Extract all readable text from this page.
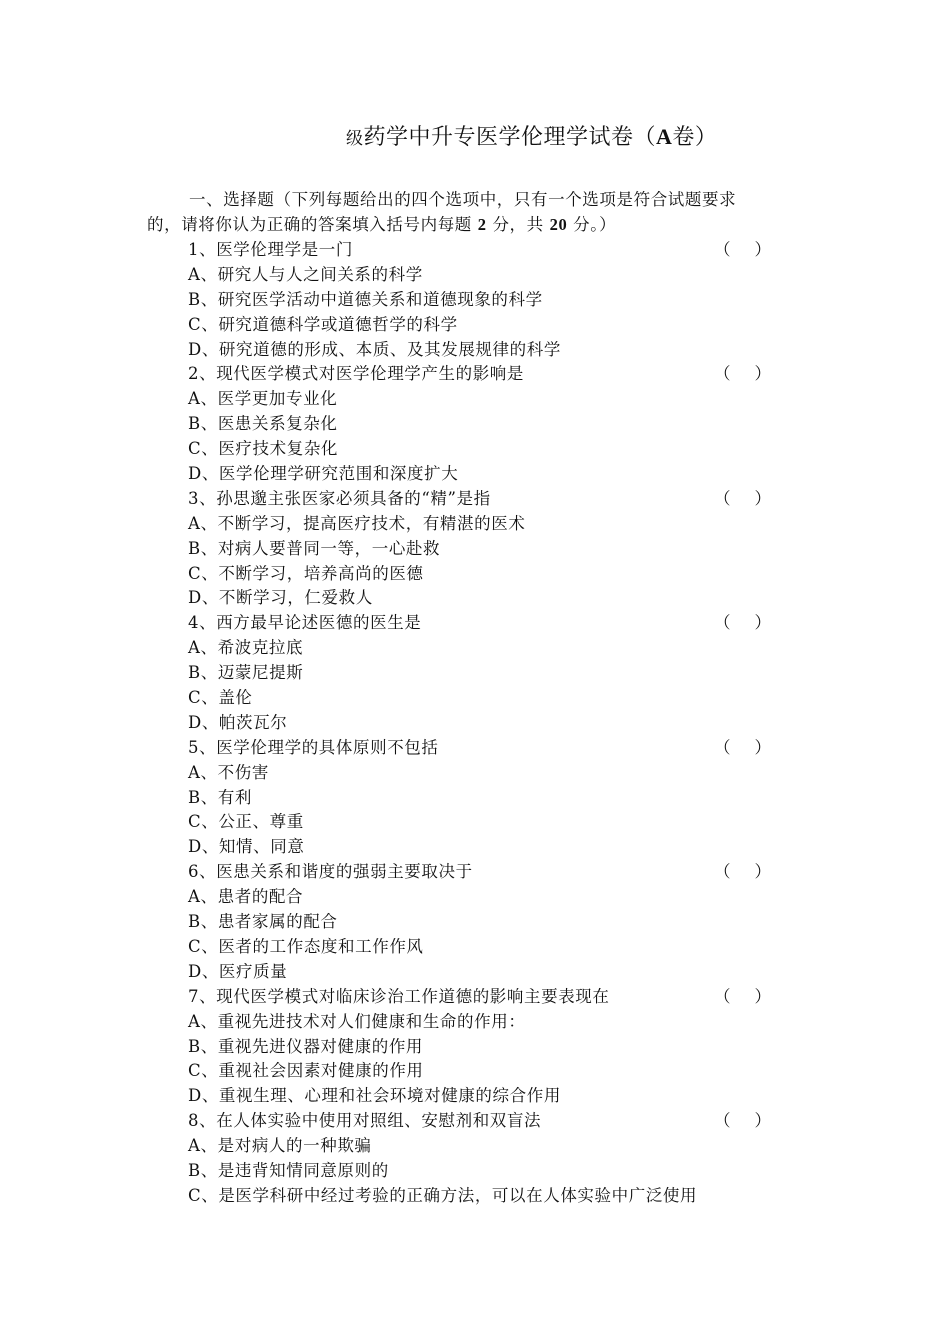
级药学中升专医学伦理学试卷（A卷）

一、选择题（下列每题给出的四个选项中，只有一个选项是符合试题要求

的，请将你认为正确的答案填入括号内每题 2 分，共 20 分。）

1、医学伦理学是一门	（    ）
A、研究人与人之间关系的科学
B、研究医学活动中道德关系和道德现象的科学
C、研究道德科学或道德哲学的科学
D、研究道德的形成、本质、及其发展规律的科学
2、现代医学模式对医学伦理学产生的影响是	（    ）
A、医学更加专业化
B、医患关系复杂化
C、医疗技术复杂化
D、医学伦理学研究范围和深度扩大
3、孙思邈主张医家必须具备的“精”是指	（    ）
A、不断学习，提高医疗技术，有精湛的医术
B、对病人要普同一等，一心赴救
C、不断学习，培养高尚的医德
D、不断学习，仁爱救人
4、西方最早论述医德的医生是	（    ）
A、希波克拉底
B、迈蒙尼提斯
C、盖伦
D、帕茨瓦尔
5、医学伦理学的具体原则不包括	（    ）
A、不伤害
B、有利
C、公正、尊重
D、知情、同意
6、医患关系和谐度的强弱主要取决于	（    ）
A、患者的配合
B、患者家属的配合
C、医者的工作态度和工作作风
D、医疗质量
7、现代医学模式对临床诊治工作道德的影响主要表现在	（    ）
A、重视先进技术对人们健康和生命的作用：
B、重视先进仪器对健康的作用
C、重视社会因素对健康的作用
D、重视生理、心理和社会环境对健康的综合作用
8、在人体实验中使用对照组、安慰剂和双盲法	（    ）
A、是对病人的一种欺骗
B、是违背知情同意原则的
C、是医学科研中经过考验的正确方法，可以在人体实验中广泛使用
